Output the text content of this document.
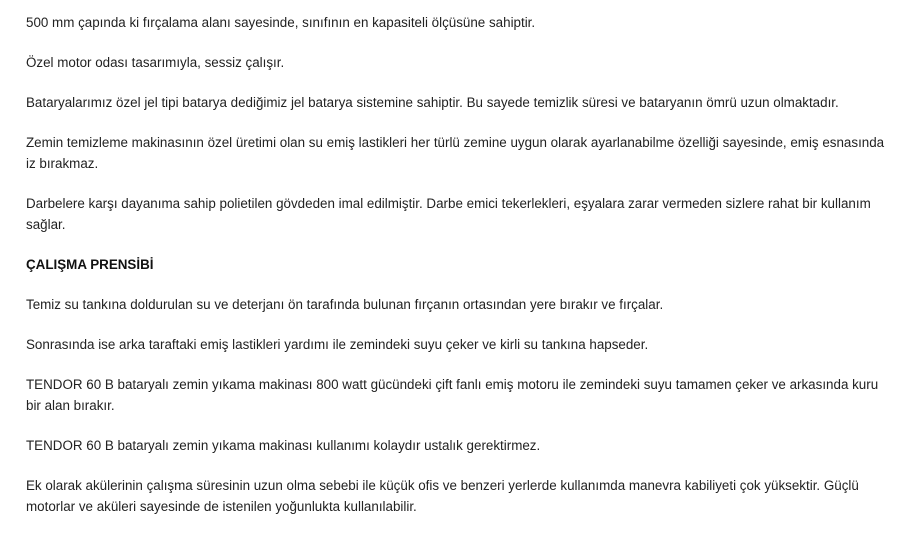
500 mm çapında ki fırçalama alanı sayesinde, sınıfının en kapasiteli ölçüsüne sahiptir.

Özel motor odası tasarımıyla, sessiz çalışır.

Bataryalarımız özel jel tipi batarya dediğimiz jel batarya sistemine sahiptir. Bu sayede temizlik süresi ve bataryanın ömrü uzun olmaktadır.

Zemin temizleme makinasının özel üretimi olan su emiş lastikleri her türlü zemine uygun olarak ayarlanabilme özelliği sayesinde, emiş esnasında iz bırakmaz.

Darbelere karşı dayanıma sahip polietilen gövdeden imal edilmiştir. Darbe emici tekerlekleri, eşyalara zarar vermeden sizlere rahat bir kullanım sağlar.

ÇALIŞMA PRENSİBİ

Temiz su tankına doldurulan su ve deterjanı ön tarafında bulunan fırçanın ortasından yere bırakır ve fırçalar.

Sonrasında ise arka taraftaki emiş lastikleri yardımı ile zemindeki suyu çeker ve kirli su tankına hapseder.

TENDOR 60 B bataryalı zemin yıkama makinası 800 watt gücündeki çift fanlı emiş motoru ile zemindeki suyu tamamen çeker ve arkasında kuru bir alan bırakır.

TENDOR 60 B bataryalı zemin yıkama makinası kullanımı kolaydır ustalık gerektirmez.

Ek olarak akülerinin çalışma süresinin uzun olma sebebi ile küçük ofis ve benzeri yerlerde kullanımda manevra kabiliyeti çok yüksektir. Güçlü motorlar ve aküleri sayesinde de istenilen yoğunlukta kullanılabilir.
